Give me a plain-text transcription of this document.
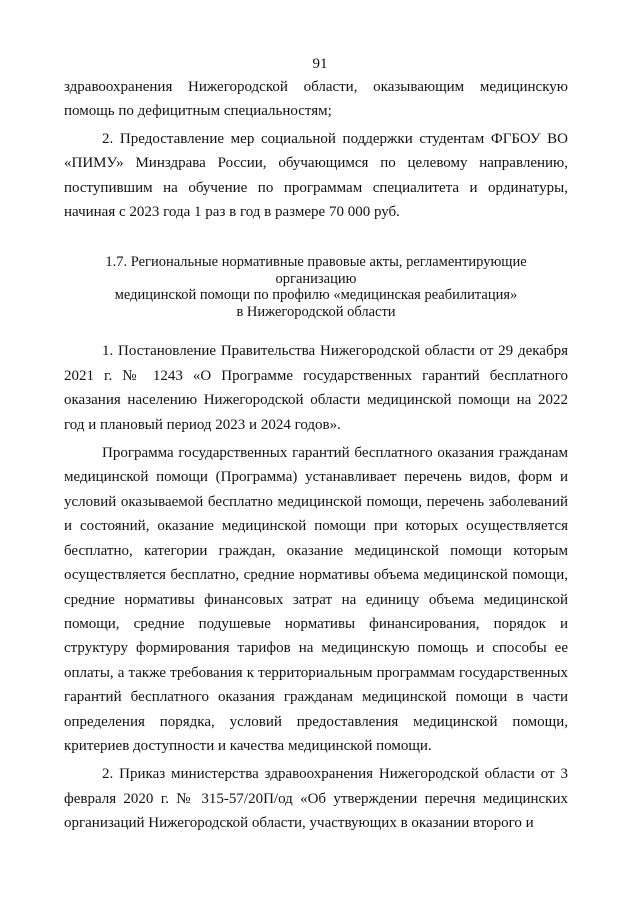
91

здравоохранения Нижегородской области, оказывающим медицинскую помощь по дефицитным специальностям;

2. Предоставление мер социальной поддержки студентам ФГБОУ ВО «ПИМУ» Минздрава России, обучающимся по целевому направлению, поступившим на обучение по программам специалитета и ординатуры, начиная с 2023 года 1 раз в год в размере 70 000 руб.

1.7. Региональные нормативные правовые акты, регламентирующие организацию
медицинской помощи по профилю «медицинская реабилитация»
в Нижегородской области

1. Постановление Правительства Нижегородской области от 29 декабря 2021 г. № 1243 «О Программе государственных гарантий бесплатного оказания населению Нижегородской области медицинской помощи на 2022 год и плановый период 2023 и 2024 годов».

Программа государственных гарантий бесплатного оказания гражданам медицинской помощи (Программа) устанавливает перечень видов, форм и условий оказываемой бесплатно медицинской помощи, перечень заболеваний и состояний, оказание медицинской помощи при которых осуществляется бесплатно, категории граждан, оказание медицинской помощи которым осуществляется бесплатно, средние нормативы объема медицинской помощи, средние нормативы финансовых затрат на единицу объема медицинской помощи, средние подушевые нормативы финансирования, порядок и структуру формирования тарифов на медицинскую помощь и способы ее оплаты, а также требования к территориальным программам государственных гарантий бесплатного оказания гражданам медицинской помощи в части определения порядка, условий предоставления медицинской помощи, критериев доступности и качества медицинской помощи.

2. Приказ министерства здравоохранения Нижегородской области от 3 февраля 2020 г. № 315-57/20П/од «Об утверждении перечня медицинских организаций Нижегородской области, участвующих в оказании второго и
